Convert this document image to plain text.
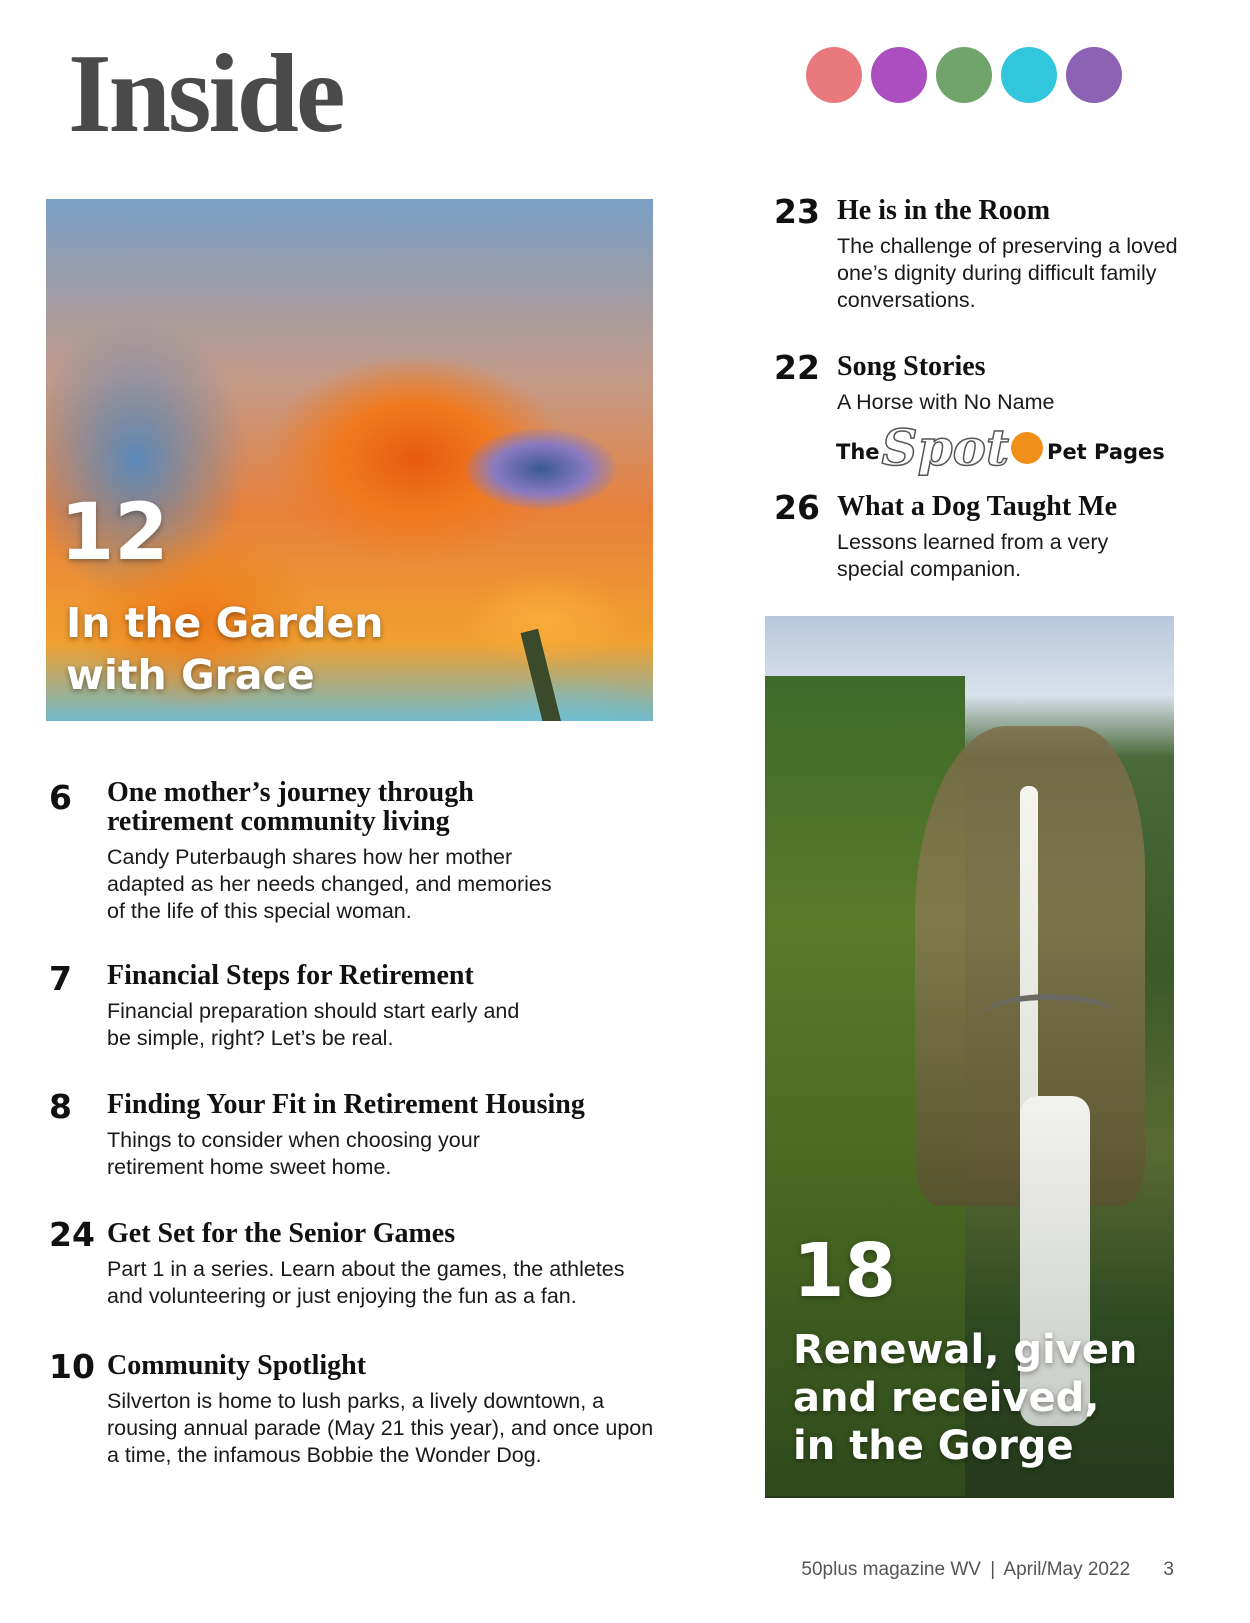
Inside
12
In the Garden
with Grace
23 He is in the Room
The challenge of preserving a loved
one’s dignity during difficult family
conversations.
22 Song Stories
A Horse with No Name
The Spot Pet Pages
26 What a Dog Taught Me
Lessons learned from a very
special companion.
18
Renewal, given
and received,
in the Gorge
6 One mother’s journey through
retirement community living
Candy Puterbaugh shares how her mother
adapted as her needs changed, and memories
of the life of this special woman.
7 Financial Steps for Retirement
Financial preparation should start early and
be simple, right? Let’s be real.
8 Finding Your Fit in Retirement Housing
Things to consider when choosing your
retirement home sweet home.
24 Get Set for the Senior Games
Part 1 in a series. Learn about the games, the athletes
and volunteering or just enjoying the fun as a fan.
10 Community Spotlight
Silverton is home to lush parks, a lively downtown, a
rousing annual parade (May 21 this year), and once upon
a time, the infamous Bobbie the Wonder Dog.
50plus magazine WV | April/May 2022 3
